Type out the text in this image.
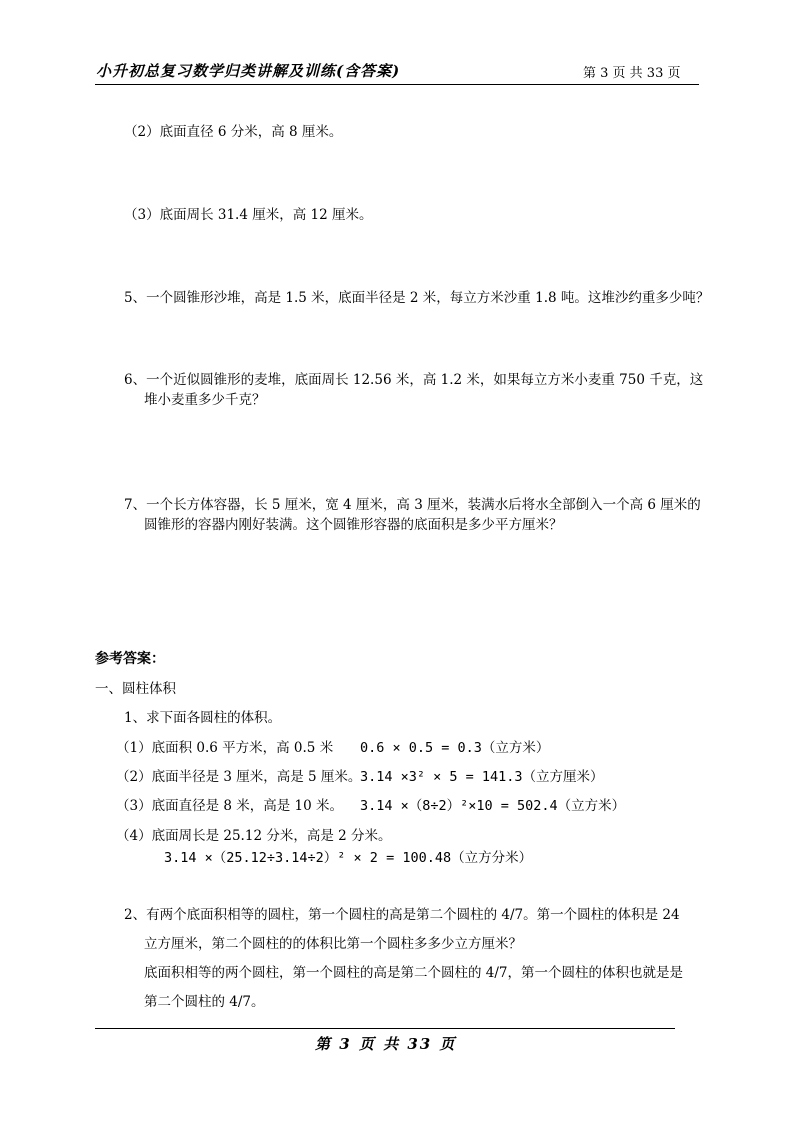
小升初总复习数学归类讲解及训练(含答案)	第 3 页 共 33 页
（2）底面直径 6 分米，高 8 厘米。
（3）底面周长 31.4 厘米，高 12 厘米。
5、一个圆锥形沙堆，高是 1.5 米，底面半径是 2 米，每立方米沙重 1.8 吨。这堆沙约重多少吨？
6、一个近似圆锥形的麦堆，底面周长 12.56 米，高 1.2 米，如果每立方米小麦重 750 千克，这
堆小麦重多少千克？
7、一个长方体容器，长 5 厘米，宽 4 厘米，高 3 厘米，装满水后将水全部倒入一个高 6 厘米的
圆锥形的容器内刚好装满。这个圆锥形容器的底面积是多少平方厘米？
参考答案：
一、圆柱体积
1、求下面各圆柱的体积。
（1）底面积 0.6 平方米，高 0.5 米 0.6 × 0.5 = 0.3（立方米）
（2）底面半径是 3 厘米，高是 5 厘米。
3.14 ×3² × 5 = 141.3（立方厘米）
（3）底面直径是 8 米，高是 10 米。 3.14 ×（8÷2）²×10 = 502.4（立方米）
（4）底面周长是 25.12 分米，高是 2 分米。
3.14 ×（25.12÷3.14÷2）² × 2 = 100.48（立方分米）
2、有两个底面积相等的圆柱，第一个圆柱的高是第二个圆柱的 4/7。第一个圆柱的体积是 24
立方厘米，第二个圆柱的的体积比第一个圆柱多多少立方厘米？
底面积相等的两个圆柱，第一个圆柱的高是第二个圆柱的 4/7，第一个圆柱的体积也就是是
第二个圆柱的 4/7。
第 3 页 共 33 页
